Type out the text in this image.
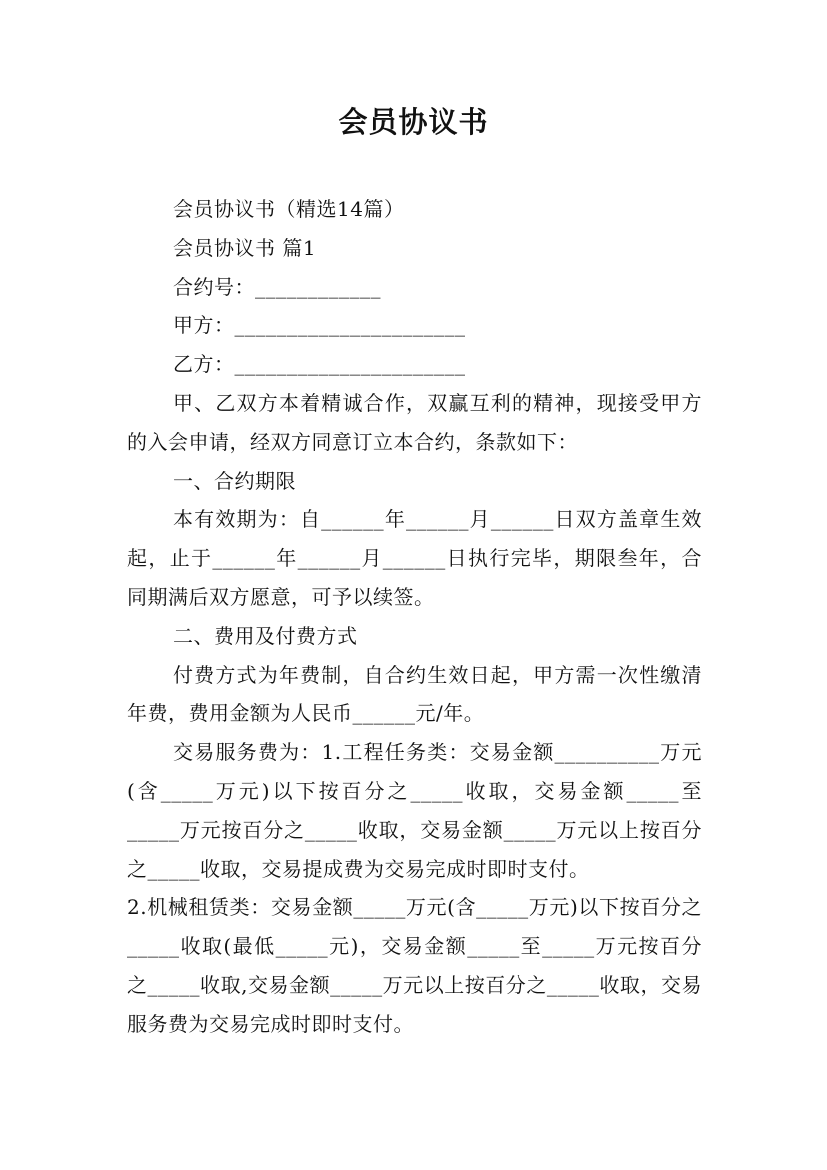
会员协议书

会员协议书（精选14篇）

会员协议书 篇1

合约号：____________

甲方：______________________

乙方：______________________

甲、乙双方本着精诚合作，双赢互利的精神，现接受甲方的入会申请，经双方同意订立本合约，条款如下：

一、合约期限

本有效期为：自______年______月______日双方盖章生效起，止于______年______月______日执行完毕，期限叁年，合同期满后双方愿意，可予以续签。

二、费用及付费方式

付费方式为年费制，自合约生效日起，甲方需一次性缴清年费，费用金额为人民币______元/年。

交易服务费为：1.工程任务类：交易金额__________万元(含_____万元)以下按百分之_____收取，交易金额_____至_____万元按百分之_____收取，交易金额_____万元以上按百分之_____收取，交易提成费为交易完成时即时支付。

2.机械租赁类：交易金额_____万元(含_____万元)以下按百分之_____收取(最低_____元)，交易金额_____至_____万元按百分之_____收取,交易金额_____万元以上按百分之_____收取，交易服务费为交易完成时即时支付。
